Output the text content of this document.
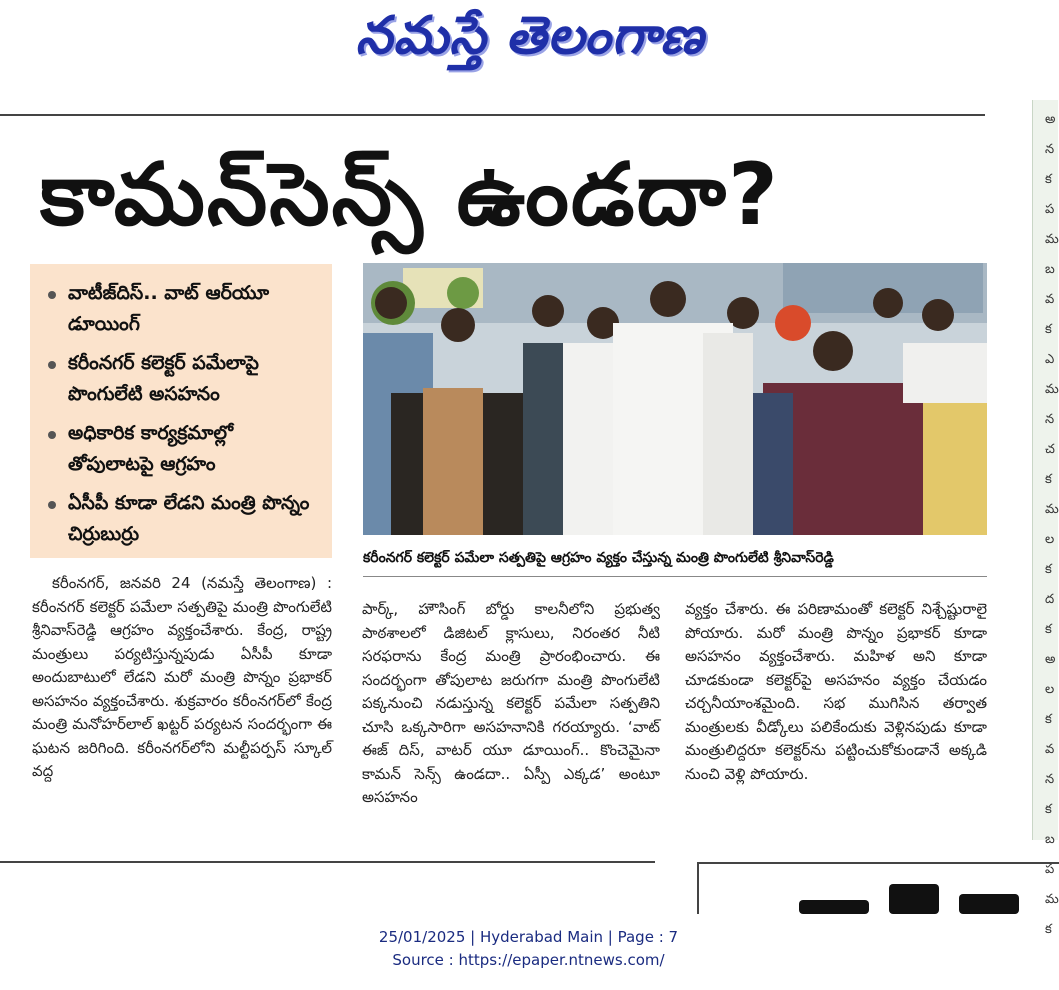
నమస్తే తెలంగాణ
అ
న
క
ప
మ
బ
వ
క
ఎ
మ
న
చ
క
మ
ల
క
ద
క
అ
ల
క
వ
న
క
బ
ప
మ
క
కామన్‌సెన్స్‌ ఉండదా?
వాటీజ్‌దిస్‌.. వాట్‌ ఆర్‌యూ డూయింగ్‌
కరీంనగర్‌ కలెక్టర్‌ పమేలాపై పొంగులేటి అసహనం
అధికారిక కార్యక్రమాల్లో తోపులాటపై ఆగ్రహం
ఏసీపీ కూడా లేడని మంత్రి పొన్నం చిర్రుబుర్రు
కరీంనగర్‌ కలెక్టర్‌ పమేలా సత్పతిపై ఆగ్రహం వ్యక్తం చేస్తున్న మంత్రి పొంగులేటి శ్రీనివాస్‌రెడ్డి

కరీంనగర్‌, జనవరి 24 (నమస్తే తెలంగాణ) : కరీంనగర్‌ కలెక్టర్‌ పమేలా సత్పతిపై మంత్రి పొంగులేటి శ్రీనివాస్‌రెడ్డి ఆగ్రహం వ్యక్తంచేశారు. కేంద్ర, రాష్ట్ర మంత్రులు పర్యటిస్తున్నపుడు ఏసీపీ కూడా అందుబాటులో లేడని మరో మంత్రి పొన్నం ప్రభాకర్‌ అసహనం వ్యక్తంచేశారు. శుక్రవారం కరీంనగర్‌లో కేంద్ర మంత్రి మనోహర్‌లాల్‌ ఖట్టర్‌ పర్యటన సందర్భంగా ఈ ఘటన జరిగింది. కరీంనగర్‌లోని మల్టీపర్పస్‌ స్కూల్‌ వద్ద

పార్క్‌, హౌసింగ్‌ బోర్డు కాలనీలోని ప్రభుత్వ పాఠశాలలో డిజిటల్‌ క్లాసులు, నిరంతర నీటి సరఫరాను కేంద్ర మంత్రి ప్రారంభించారు. ఈ సందర్భంగా తోపులాట జరుగగా మంత్రి పొంగులేటి పక్కనుంచి నడుస్తున్న కలెక్టర్‌ పమేలా సత్పతిని చూసి ఒక్కసారిగా అసహనానికి గరయ్యారు. ‘వాట్‌ ఈజ్‌ దిస్‌, వాటర్‌ యూ డూయింగ్‌.. కొంచెమైనా కామన్‌ సెన్స్‌ ఉండదా.. ఏస్పీ ఎక్కడ’ అంటూ అసహనం

వ్యక్తం చేశారు. ఈ పరిణామంతో కలెక్టర్‌ నిశ్చేష్టురాలై పోయారు. మరో మంత్రి పొన్నం ప్రభాకర్‌ కూడా అసహనం వ్యక్తంచేశారు. మహిళ అని కూడా చూడకుండా కలెక్టర్‌పై అసహనం వ్యక్తం చేయడం చర్చనీయాంశమైంది. సభ ముగిసిన తర్వాత మంత్రులకు వీడ్కోలు పలికేందుకు వెళ్లినపుడు కూడా మంత్రులిద్దరూ కలెక్టర్‌ను పట్టించుకోకుండానే అక్కడి నుంచి వెళ్లి పోయారు.

25/01/2025 | Hyderabad Main | Page : 7
Source : https://epaper.ntnews.com/
